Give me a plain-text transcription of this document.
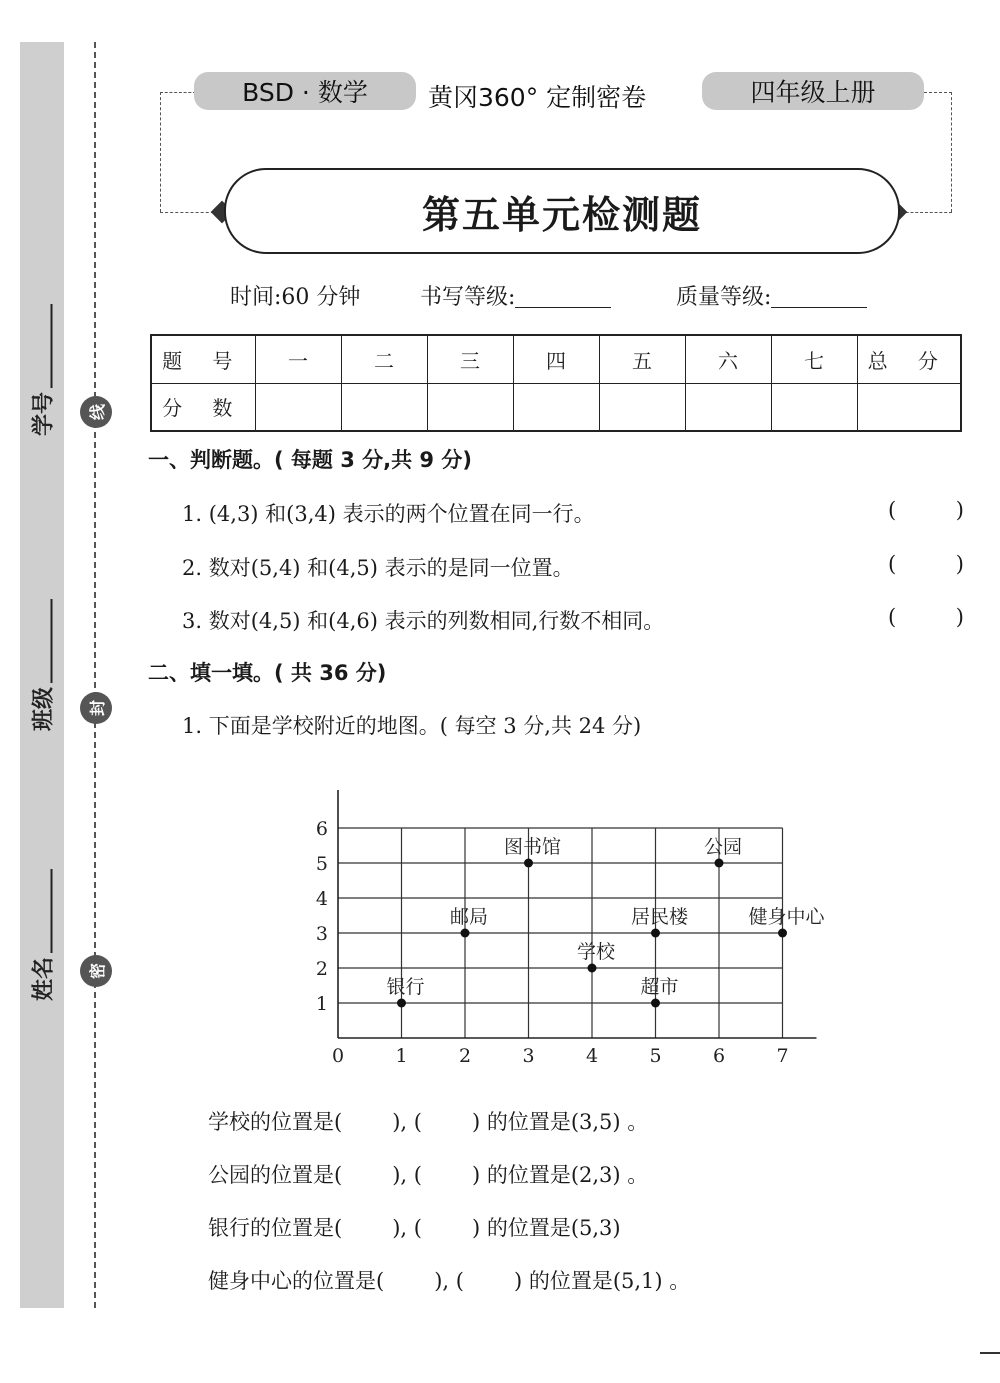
学号
班级
姓名
线
封
密
BSD · 数学	黄冈360° 定制密卷	四年级上册
第五单元检测题
时间:60 分钟	书写等级:	质量等级:
题 号	一	二	三	四	五	六	七	总 分
分 数								
一、判断题。( 每题 3 分,共 9 分)
1. (4,3) 和(3,4) 表示的两个位置在同一行。	(	)
2. 数对(5,4) 和(4,5) 表示的是同一位置。	(	)
3. 数对(4,5) 和(4,6) 表示的列数相同,行数不相同。	(	)
二、填一填。( 共 36 分)
1. 下面是学校附近的地图。( 每空 3 分,共 24 分)
0	1	2	3	4	5	6	7
1
2
3
4
5
6
银行
邮局
图书馆
学校
超市
居民楼
公园
健身中心
学校的位置是( ), ( ) 的位置是(3,5) 。
公园的位置是( ), ( ) 的位置是(2,3) 。
银行的位置是( ), ( ) 的位置是(5,3)
健身中心的位置是( ), ( ) 的位置是(5,1) 。
